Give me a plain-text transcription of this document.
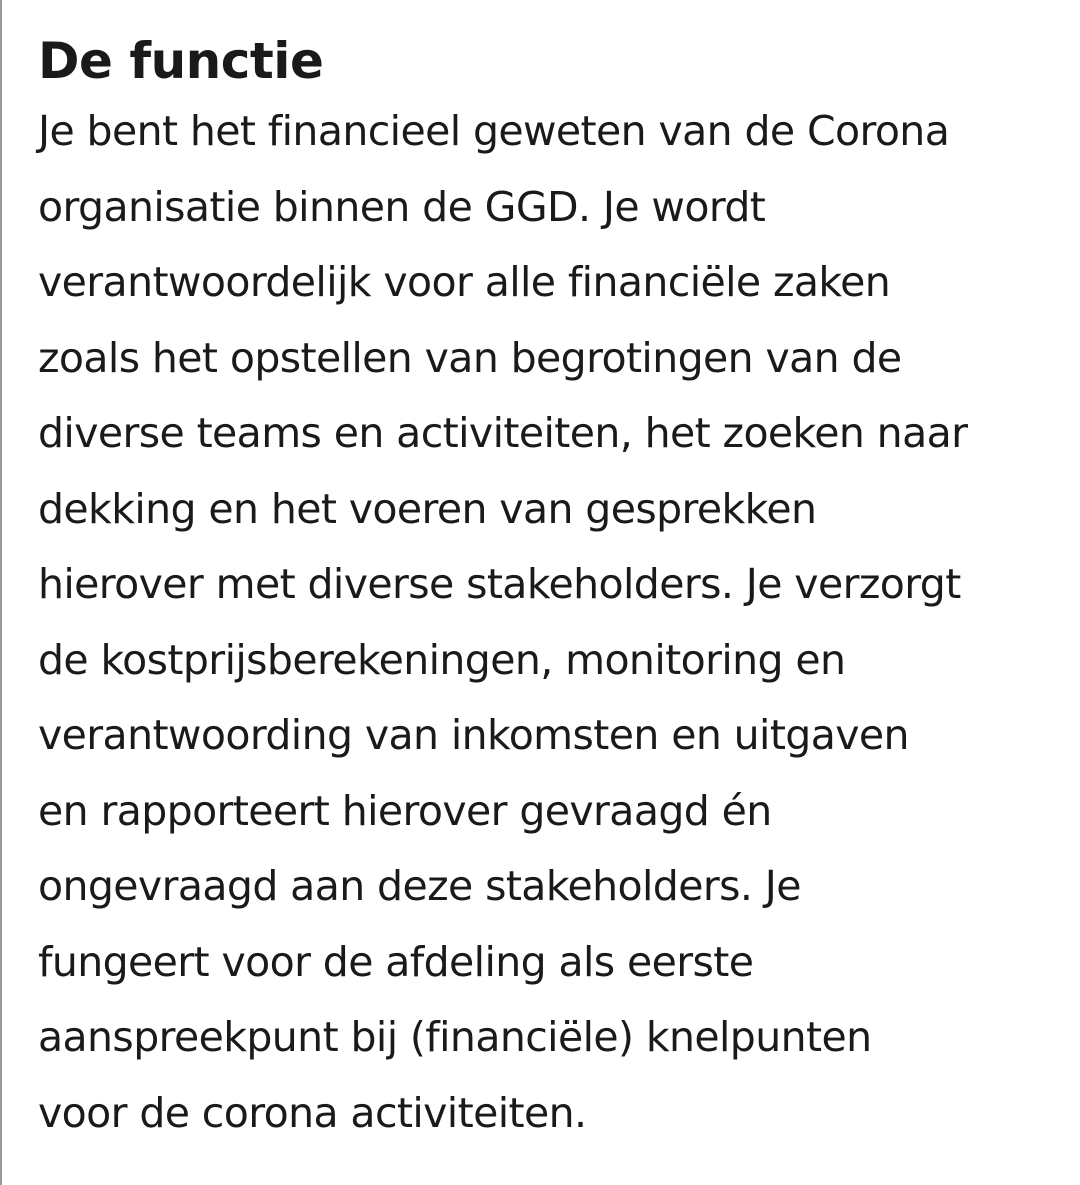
De functie

Je bent het financieel geweten van de Corona
organisatie binnen de GGD. Je wordt
verantwoordelijk voor alle financiële zaken
zoals het opstellen van begrotingen van de
diverse teams en activiteiten, het zoeken naar
dekking en het voeren van gesprekken
hierover met diverse stakeholders. Je verzorgt
de kostprijsberekeningen, monitoring en
verantwoording van inkomsten en uitgaven
en rapporteert hierover gevraagd én
ongevraagd aan deze stakeholders. Je
fungeert voor de afdeling als eerste
aanspreekpunt bij (financiële) knelpunten
voor de corona activiteiten.
